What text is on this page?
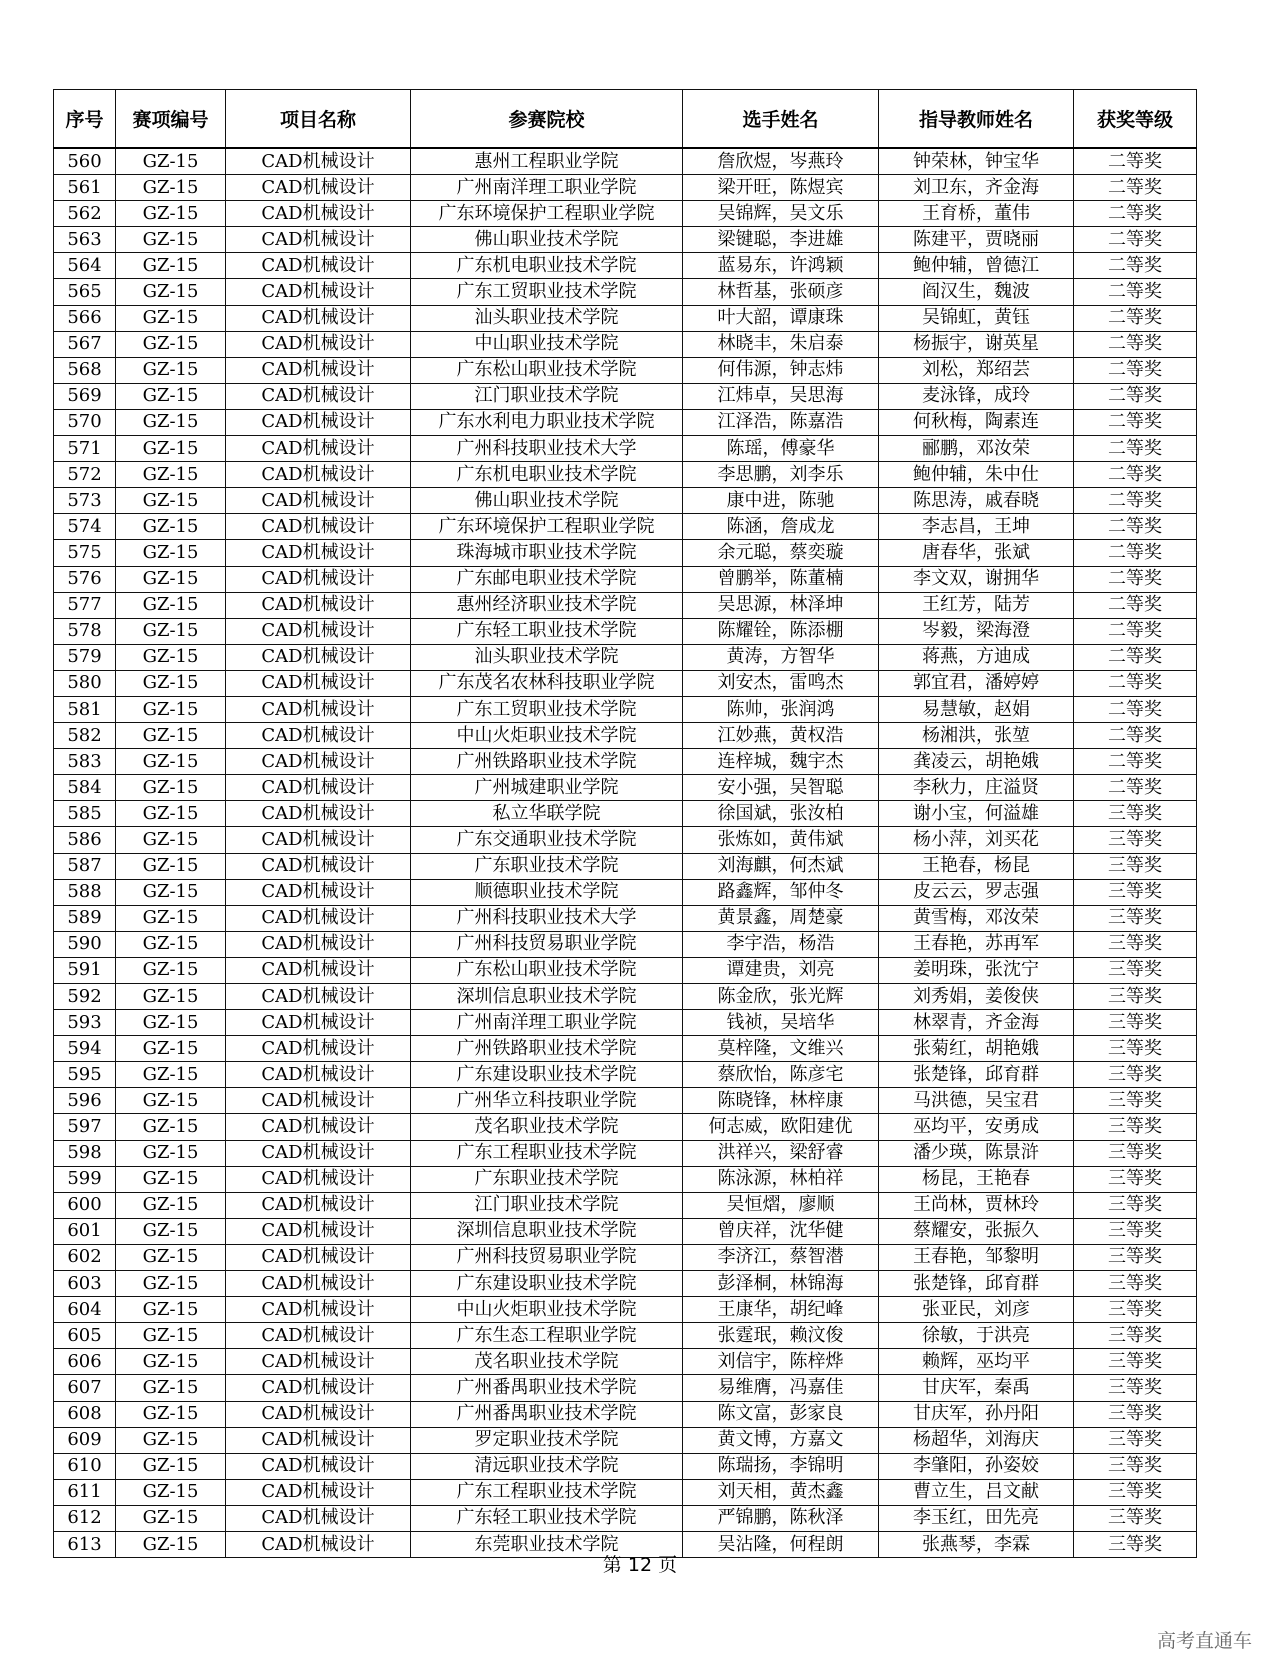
序号	赛项编号	项目名称	参赛院校	选手姓名	指导教师姓名	获奖等级
560	GZ-15	CAD机械设计	惠州工程职业学院	詹欣煜，岑燕玲	钟荣林，钟宝华	二等奖
561	GZ-15	CAD机械设计	广州南洋理工职业学院	梁开旺，陈煜宾	刘卫东，齐金海	二等奖
562	GZ-15	CAD机械设计	广东环境保护工程职业学院	吴锦辉，吴文乐	王育桥，董伟	二等奖
563	GZ-15	CAD机械设计	佛山职业技术学院	梁键聪，李进雄	陈建平，贾晓丽	二等奖
564	GZ-15	CAD机械设计	广东机电职业技术学院	蓝易东，许鸿颖	鲍仲辅，曾德江	二等奖
565	GZ-15	CAD机械设计	广东工贸职业技术学院	林哲基，张硕彦	阎汉生，魏波	二等奖
566	GZ-15	CAD机械设计	汕头职业技术学院	叶大韶，谭康珠	吴锦虹，黄钰	二等奖
567	GZ-15	CAD机械设计	中山职业技术学院	林晓丰，朱启泰	杨振宇，谢英星	二等奖
568	GZ-15	CAD机械设计	广东松山职业技术学院	何伟源，钟志炜	刘松，郑绍芸	二等奖
569	GZ-15	CAD机械设计	江门职业技术学院	江炜卓，吴思海	麦泳锋，成玲	二等奖
570	GZ-15	CAD机械设计	广东水利电力职业技术学院	江泽浩，陈嘉浩	何秋梅，陶素连	二等奖
571	GZ-15	CAD机械设计	广州科技职业技术大学	陈瑶，傅豪华	郦鹏，邓汝荣	二等奖
572	GZ-15	CAD机械设计	广东机电职业技术学院	李思鹏，刘李乐	鲍仲辅，朱中仕	二等奖
573	GZ-15	CAD机械设计	佛山职业技术学院	康中进，陈驰	陈思涛，戚春晓	二等奖
574	GZ-15	CAD机械设计	广东环境保护工程职业学院	陈涵，詹成龙	李志昌，王坤	二等奖
575	GZ-15	CAD机械设计	珠海城市职业技术学院	余元聪，蔡奕璇	唐春华，张斌	二等奖
576	GZ-15	CAD机械设计	广东邮电职业技术学院	曾鹏举，陈董楠	李文双，谢拥华	二等奖
577	GZ-15	CAD机械设计	惠州经济职业技术学院	吴思源，林泽坤	王红芳，陆芳	二等奖
578	GZ-15	CAD机械设计	广东轻工职业技术学院	陈耀铨，陈添棚	岑毅，梁海澄	二等奖
579	GZ-15	CAD机械设计	汕头职业技术学院	黄涛，方智华	蒋燕，方迪成	二等奖
580	GZ-15	CAD机械设计	广东茂名农林科技职业学院	刘安杰，雷鸣杰	郭宜君，潘婷婷	二等奖
581	GZ-15	CAD机械设计	广东工贸职业技术学院	陈帅，张润鸿	易慧敏，赵娟	二等奖
582	GZ-15	CAD机械设计	中山火炬职业技术学院	江妙燕，黄权浩	杨湘洪，张堃	二等奖
583	GZ-15	CAD机械设计	广州铁路职业技术学院	连梓城，魏宇杰	龚凌云，胡艳娥	二等奖
584	GZ-15	CAD机械设计	广州城建职业学院	安小强，吴智聪	李秋力，庄溢贤	二等奖
585	GZ-15	CAD机械设计	私立华联学院	徐国斌，张汝柏	谢小宝，何溢雄	三等奖
586	GZ-15	CAD机械设计	广东交通职业技术学院	张炼如，黄伟斌	杨小萍，刘买花	三等奖
587	GZ-15	CAD机械设计	广东职业技术学院	刘海麒，何杰斌	王艳春，杨昆	三等奖
588	GZ-15	CAD机械设计	顺德职业技术学院	路鑫辉，邹仲冬	皮云云，罗志强	三等奖
589	GZ-15	CAD机械设计	广州科技职业技术大学	黄景鑫，周楚豪	黄雪梅，邓汝荣	三等奖
590	GZ-15	CAD机械设计	广州科技贸易职业学院	李宇浩，杨浩	王春艳，苏再军	三等奖
591	GZ-15	CAD机械设计	广东松山职业技术学院	谭建贵，刘亮	姜明珠，张沈宁	三等奖
592	GZ-15	CAD机械设计	深圳信息职业技术学院	陈金欣，张光辉	刘秀娟，姜俊侠	三等奖
593	GZ-15	CAD机械设计	广州南洋理工职业学院	钱祯，吴培华	林翠青，齐金海	三等奖
594	GZ-15	CAD机械设计	广州铁路职业技术学院	莫梓隆，文维兴	张菊红，胡艳娥	三等奖
595	GZ-15	CAD机械设计	广东建设职业技术学院	蔡欣怡，陈彦宅	张楚锋，邱育群	三等奖
596	GZ-15	CAD机械设计	广州华立科技职业学院	陈晓锋，林梓康	马洪德，吴宝君	三等奖
597	GZ-15	CAD机械设计	茂名职业技术学院	何志威，欧阳建优	巫均平，安勇成	三等奖
598	GZ-15	CAD机械设计	广东工程职业技术学院	洪祥兴，梁舒睿	潘少瑛，陈景浒	三等奖
599	GZ-15	CAD机械设计	广东职业技术学院	陈泳源，林柏祥	杨昆，王艳春	三等奖
600	GZ-15	CAD机械设计	江门职业技术学院	吴恒熠，廖顺	王尚林，贾林玲	三等奖
601	GZ-15	CAD机械设计	深圳信息职业技术学院	曾庆祥，沈华健	蔡耀安，张振久	三等奖
602	GZ-15	CAD机械设计	广州科技贸易职业学院	李济江，蔡智潜	王春艳，邹黎明	三等奖
603	GZ-15	CAD机械设计	广东建设职业技术学院	彭泽桐，林锦海	张楚锋，邱育群	三等奖
604	GZ-15	CAD机械设计	中山火炬职业技术学院	王康华，胡纪峰	张亚民，刘彦	三等奖
605	GZ-15	CAD机械设计	广东生态工程职业学院	张霆珉，赖汶俊	徐敏，于洪亮	三等奖
606	GZ-15	CAD机械设计	茂名职业技术学院	刘信宇，陈梓烨	赖辉，巫均平	三等奖
607	GZ-15	CAD机械设计	广州番禺职业技术学院	易维膺，冯嘉佳	甘庆军，秦禹	三等奖
608	GZ-15	CAD机械设计	广州番禺职业技术学院	陈文富，彭家良	甘庆军，孙丹阳	三等奖
609	GZ-15	CAD机械设计	罗定职业技术学院	黄文博，方嘉文	杨超华，刘海庆	三等奖
610	GZ-15	CAD机械设计	清远职业技术学院	陈瑞扬，李锦明	李肇阳，孙姿姣	三等奖
611	GZ-15	CAD机械设计	广东工程职业技术学院	刘天相，黄杰鑫	曹立生，吕文献	三等奖
612	GZ-15	CAD机械设计	广东轻工职业技术学院	严锦鹏，陈秋泽	李玉红，田先亮	三等奖
613	GZ-15	CAD机械设计	东莞职业技术学院	吴沾隆，何程朗	张燕琴，李霖	三等奖
第 12 页
高考直通车
